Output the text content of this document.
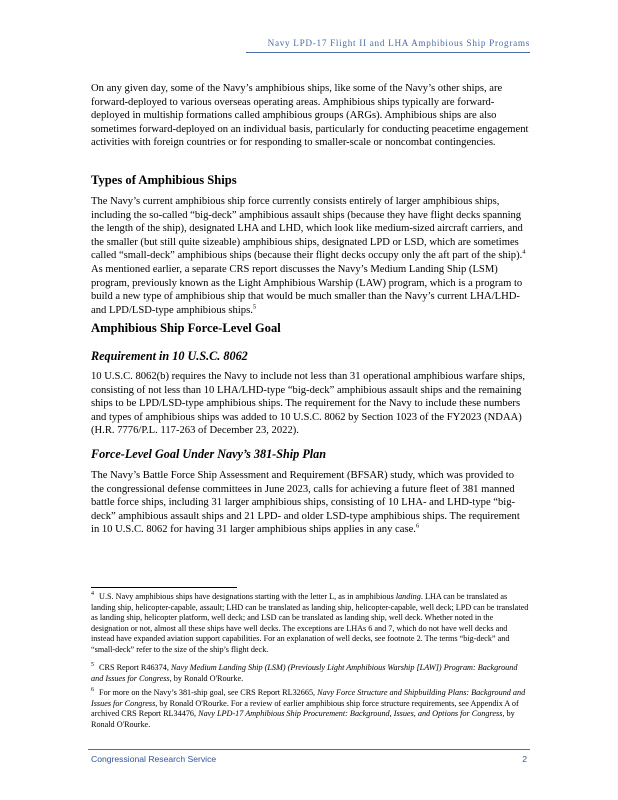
Navy LPD-17 Flight II and LHA Amphibious Ship Programs

On any given day, some of the Navy’s amphibious ships, like some of the Navy’s other ships, are forward-deployed to various overseas operating areas. Amphibious ships typically are forward-deployed in multiship formations called amphibious groups (ARGs). Amphibious ships are also sometimes forward-deployed on an individual basis, particularly for conducting peacetime engagement activities with foreign countries or for responding to smaller-scale or noncombat contingencies.

Types of Amphibious Ships

The Navy’s current amphibious ship force currently consists entirely of larger amphibious ships, including the so-called “big-deck” amphibious assault ships (because they have flight decks spanning the length of the ship), designated LHA and LHD, which look like medium-sized aircraft carriers, and the smaller (but still quite sizeable) amphibious ships, designated LPD or LSD, which are sometimes called “small-deck” amphibious ships (because their flight decks occupy only the aft part of the ship).$^4$ As mentioned earlier, a separate CRS report discusses the Navy’s Medium Landing Ship (LSM) program, previously known as the Light Amphibious Warship (LAW) program, which is a program to build a new type of amphibious ship that would be much smaller than the Navy’s current LHA/LHD- and LPD/LSD-type amphibious ships.$^5$

Amphibious Ship Force-Level Goal
Requirement in 10 U.S.C. 8062

10 U.S.C. 8062(b) requires the Navy to include not less than 31 operational amphibious warfare ships, consisting of not less than 10 LHA/LHD-type “big-deck” amphibious assault ships and the remaining ships to be LPD/LSD-type amphibious ships. The requirement for the Navy to include these numbers and types of amphibious ships was added to 10 U.S.C. 8062 by Section 1023 of the FY2023 (NDAA) (H.R. 7776/P.L. 117-263 of December 23, 2022).

Force-Level Goal Under Navy’s 381-Ship Plan

The Navy’s Battle Force Ship Assessment and Requirement (BFSAR) study, which was provided to the congressional defense committees in June 2023, calls for achieving a future fleet of 381 manned battle force ships, including 31 larger amphibious ships, consisting of 10 LHA- and LHD-type “big-deck” amphibious assault ships and 21 LPD- and older LSD-type amphibious ships. The requirement in 10 U.S.C. 8062 for having 31 larger amphibious ships applies in any case.$^6$

$^4$ U.S. Navy amphibious ships have designations starting with the letter L, as in amphibious landing. LHA can be translated as landing ship, helicopter-capable, assault; LHD can be translated as landing ship, helicopter-capable, well deck; LPD can be translated as landing ship, helicopter platform, well deck; and LSD can be translated as landing ship, well deck. Whether noted in the designation or not, almost all these ships have well decks. The exceptions are LHAs 6 and 7, which do not have well decks and instead have expanded aviation support capabilities. For an explanation of well decks, see footnote 2. The terms “big-deck” and “small-deck” refer to the size of the ship’s flight deck.

$^5$ CRS Report R46374, Navy Medium Landing Ship (LSM) (Previously Light Amphibious Warship [LAW]) Program: Background and Issues for Congress, by Ronald O'Rourke.

$^6$ For more on the Navy’s 381-ship goal, see CRS Report RL32665, Navy Force Structure and Shipbuilding Plans: Background and Issues for Congress, by Ronald O'Rourke. For a review of earlier amphibious ship force structure requirements, see Appendix A of archived CRS Report RL34476, Navy LPD-17 Amphibious Ship Procurement: Background, Issues, and Options for Congress, by Ronald O'Rourke.

Congressional Research Service	2
